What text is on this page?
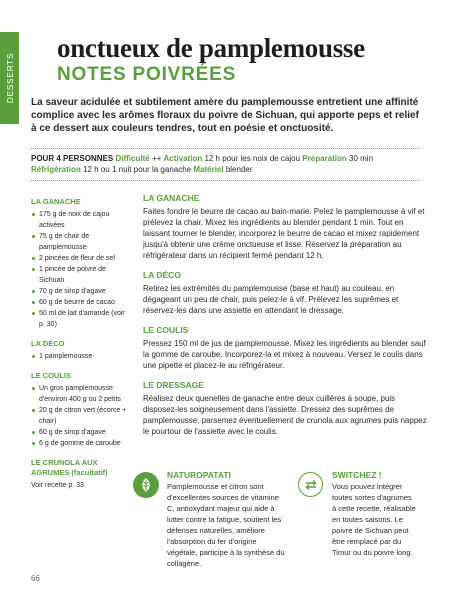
DESSERTS
onctueux de pamplemousse
NOTES POIVRÉES
La saveur acidulée et subtilement amère du pamplemousse entretient une affinité complice avec les arômes floraux du poivre de Sichuan, qui apporte peps et relief à ce dessert aux couleurs tendres, tout en poésie et onctuosité.
POUR 4 PERSONNES Difficulté ++ Activation 12 h pour les noix de cajou Préparation 30 min
Réfrigération 12 h ou 1 nuit pour la ganache Matériel blender
LA GANACHE
175 g de noix de cajou activées
75 g de chair de pamplemousse
2 pincées de fleur de sel
1 pincée de poivre de Sichuan
70 g de sirop d'agave
60 g de beurre de cacao
50 ml de lait d'amande (voir p. 30)
LA DÉCO
1 pamplemousse
LE COULIS
Un gros pamplemousse d'environ 400 g ou 2 petits
20 g de citron vert (écorce + chair)
60 g de sirop d'agave
6 g de gomme de caroube
LE CRUNOLA AUX AGRUMES (facultatif)
Voir recette p. 33
LA GANACHE

Faites fondre le beurre de cacao au bain-marie. Pelez le pamplemousse à vif et prélevez la chair. Mixez les ingrédients au blender pendant 1 min. Tout en laissant tourner le blender, incorporez le beurre de cacao et mixez rapidement jusqu'à obtenir une crème onctueuse et lisse. Réservez la préparation au réfrigérateur dans un récipient fermé pendant 12 h.

LA DÉCO

Retirez les extrémités du pamplemousse (base et haut) au couteau, en dégageant un peu de chair, puis pelez-le à vif. Prélevez les suprêmes et réservez-les dans une assiette en attendant le dressage.

LE COULIS

Pressez 150 ml de jus de pamplemousse. Mixez les ingrédients au blender sauf la gomme de caroube. Incorporez-la et mixez à nouveau. Versez le coulis dans une pipette et placez-le au réfrigérateur.

LE DRESSAGE

Réalisez deux quenelles de ganache entre deux cuillères à soupe, puis disposez-les soigneusement dans l'assiette. Dressez des suprêmes de pamplemousse, parsemez éventuellement de crunola aux agrumes puis nappez le pourtour de l'assiette avec le coulis.

NATUROPATATI
Pamplemousse et citron sont d'excellentes sources de vitamine C, antioxydant majeur qui aide à lutter contre la fatigue, soutient les défenses naturelles, améliore l'absorption du fer d'origine végétale, participe à la synthèse du collagène.
SWITCHEZ !
Vous pouvez intégrer toutes sortes d'agrumes à cette recette, réalisable en toutes saisons. Le poivre de Sichuan peut être remplacé par du Timur ou du poivre long.
66
